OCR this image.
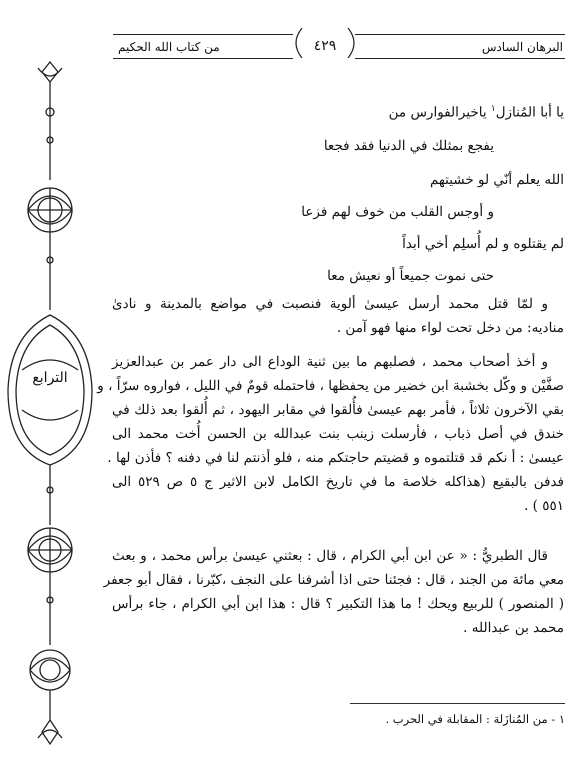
البرهان السادس
٤٢٩
من كتاب الله الحكيم
الترابع
يا أبا المُنازل$^١$ ياخيرالفوارس من
يفجع بمثلك في الدنيا فقد فجعا
الله يعلم أنّي لو خشيتهم
و أوجس القلب من خوف لهم فزعا
لم يقتلوه و لم أُسلِم أخي أبداً
حتى نموت جميعاً أو نعيش معا
و لمّا قتل محمد أرسل عيسىٰ ألوية فنصبت في مواضع بالمدينة و نادىٰ
مناديه: من دخل تحت لواء منها فهو آمن .
و أخذ أصحاب محمد ، فصلبهم ما بين ثنية الوداع الى دار عمر بن عبدالعزيز
صفَّيْن و وكّل بخشبة ابن خضير من يحفظها ، فاحتمله قومٌ في الليل ، فواروه سرّاً ، و
بقي الآخرون ثلاثاً ، فأمر بهم عيسىٰ فأُلقوا في مقابر اليهود ، ثم أُلقوا بعد ذلك في
خندق في أصل ذباب ، فأرسلت زينب بنت عبدالله بن الحسن أُخت محمد الى
عيسىٰ : أ نكم قد قتلتموه و قضيتم حاجتكم منه ، فلو أذنتم لنا في دفنه ؟ فأذن لها .
فدفن بالبقيع (هذاكله خلاصة ما في تاريخ الكامل لابن الاثير ج ٥ ص ٥٢٩ الى
٥٥١ ) .
قال الطبريُّ : « عن ابن أبي الكرام ، قال : بعثني عيسىٰ برأس محمد ، و بعث
معي مائة من الجند ، قال : فجئنا حتى اذا أشرفنا على النجف ،كبّرنا ، فقال أبو جعفر
( المنصور ) للربيع ويحك ! ما هذا التكبير ؟ قال : هذا ابن أبي الكرام ، جاء برأس
محمد بن عبدالله .
١ - من المُنازَلة : المقابلة في الحرب .
